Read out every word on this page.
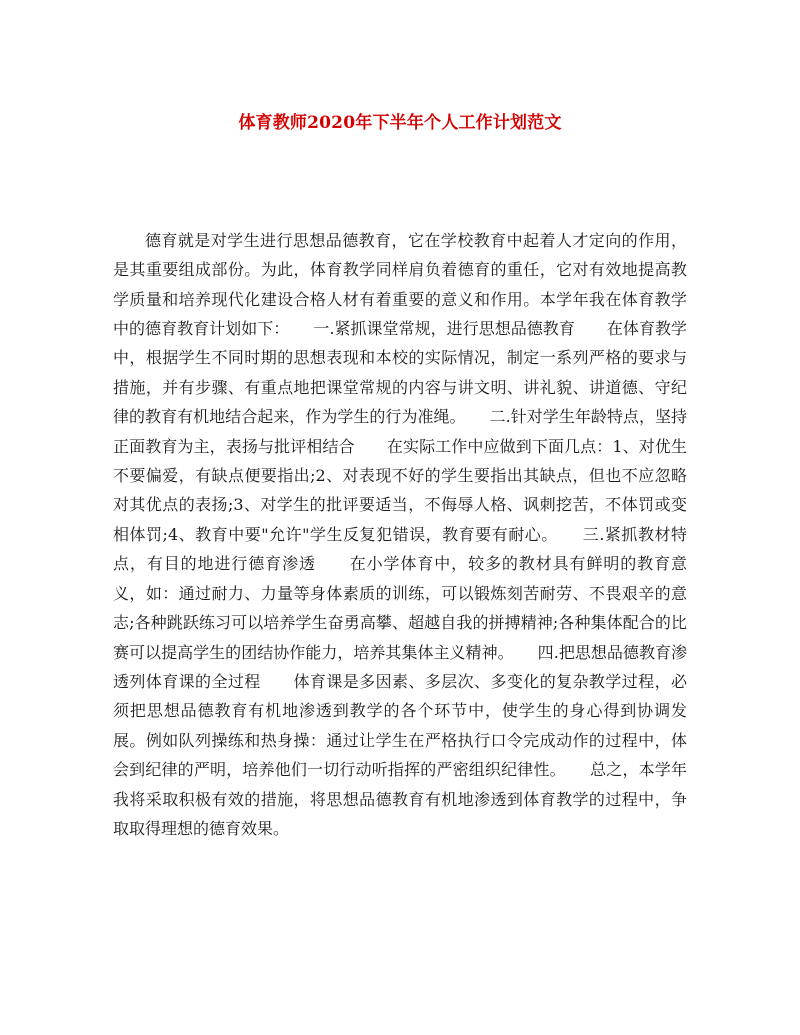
体育教师2020年下半年个人工作计划范文

德育就是对学生进行思想品德教育，它在学校教育中起着人才定向的作用，是其重要组成部份。为此，体育教学同样肩负着德育的重任，它对有效地提高教学质量和培养现代化建设合格人材有着重要的意义和作用。本学年我在体育教学中的德育教育计划如下：　　一.紧抓课堂常规，进行思想品德教育　　在体育教学中，根据学生不同时期的思想表现和本校的实际情况，制定一系列严格的要求与措施，并有步骤、有重点地把课堂常规的内容与讲文明、讲礼貌、讲道德、守纪律的教育有机地结合起来，作为学生的行为准绳。　　二.针对学生年龄特点，坚持正面教育为主，表扬与批评相结合　　在实际工作中应做到下面几点：1、对优生不要偏爱，有缺点便要指出;2、对表现不好的学生要指出其缺点，但也不应忽略对其优点的表扬;3、对学生的批评要适当，不侮辱人格、讽刺挖苦，不体罚或变相体罚;4、教育中要"允许"学生反复犯错误，教育要有耐心。　　三.紧抓教材特点，有目的地进行德育渗透　　在小学体育中，较多的教材具有鲜明的教育意义，如：通过耐力、力量等身体素质的训练，可以锻炼刻苦耐劳、不畏艰辛的意志;各种跳跃练习可以培养学生奋勇高攀、超越自我的拼搏精神;各种集体配合的比赛可以提高学生的团结协作能力，培养其集体主义精神。　　四.把思想品德教育渗透列体育课的全过程　　体育课是多因素、多层次、多变化的复杂教学过程，必须把思想品德教育有机地渗透到教学的各个环节中，使学生的身心得到协调发展。例如队列操练和热身操：通过让学生在严格执行口令完成动作的过程中，体会到纪律的严明，培养他们一切行动听指挥的严密组织纪律性。　　总之，本学年我将采取积极有效的措施，将思想品德教育有机地渗透到体育教学的过程中，争取取得理想的德育效果。
